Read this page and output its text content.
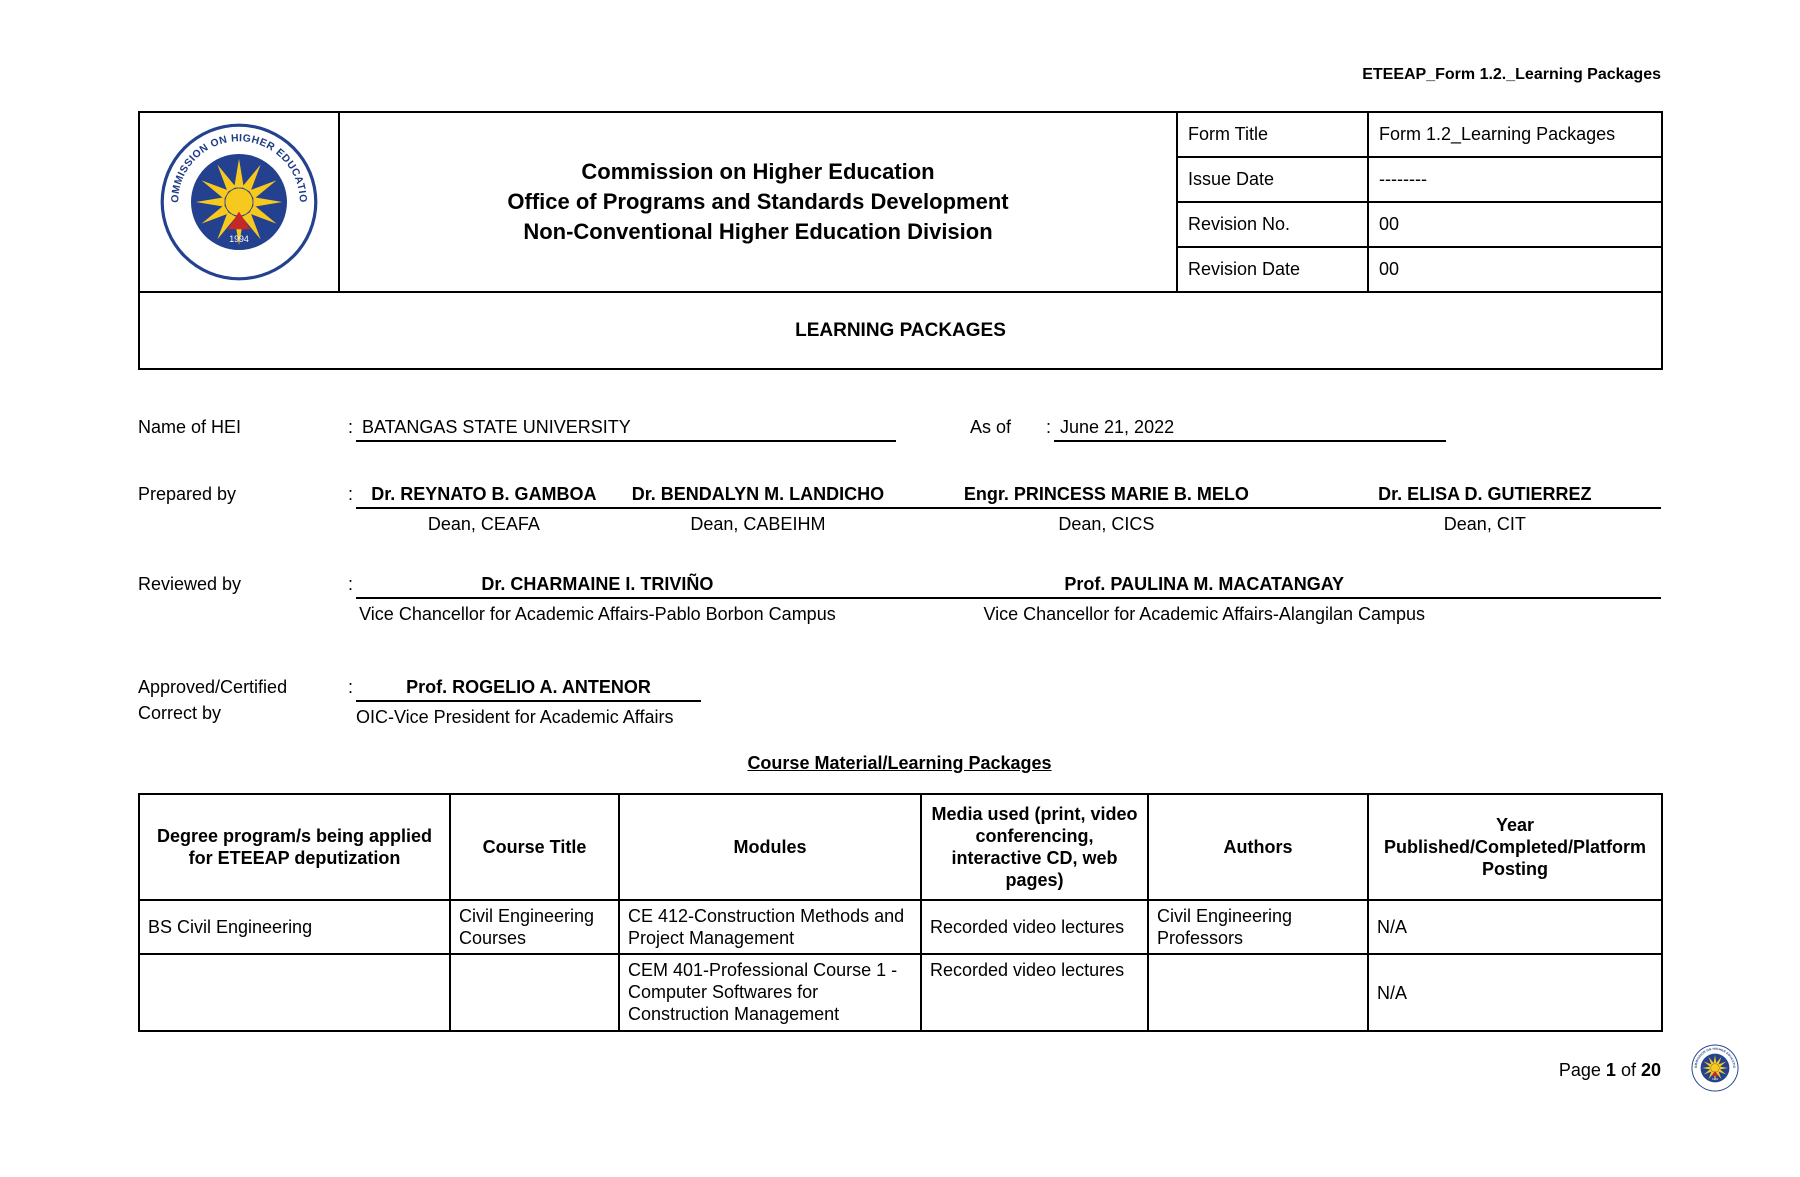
ETEEAP_Form 1.2._Learning Packages

Commission on Higher Education
Office of Programs and Standards Development
Non-Conventional Higher Education Division	Form Title	Form 1.2_Learning Packages
		Issue Date	--------
		Revision No.	00
		Revision Date	00
LEARNING PACKAGES			
Name of HEI	: BATANGAS STATE UNIVERSITY	As of	: June 21, 2022
Prepared by	:	Dr. REYNATO B. GAMBOA	Dr. BENDALYN M. LANDICHO	Engr. PRINCESS MARIE B. MELO	Dr. ELISA D. GUTIERREZ
Dean, CEAFA	Dean, CABEIHM	Dean, CICS	Dean, CIT
Reviewed by	:	Dr. CHARMAINE I. TRIVIÑO	Prof. PAULINA M. MACATANGAY
Vice Chancellor for Academic Affairs-Pablo Borbon Campus	Vice Chancellor for Academic Affairs-Alangilan Campus
Approved/Certified
Correct by
:	Prof. ROGELIO A. ANTENOR
OIC-Vice President for Academic Affairs
Course Material/Learning Packages
Degree program/s being applied for ETEEAP deputization	Course Title	Modules	Media used (print, video conferencing, interactive CD, web pages)	Authors	Year Published/Completed/Platform Posting
BS Civil Engineering	Civil Engineering Courses	CE 412-Construction Methods and Project Management	Recorded video lectures	Civil Engineering Professors	N/A
		CEM 401-Professional Course 1 - Computer Softwares for Construction Management	Recorded video lectures		N/A
Page 1 of 20
